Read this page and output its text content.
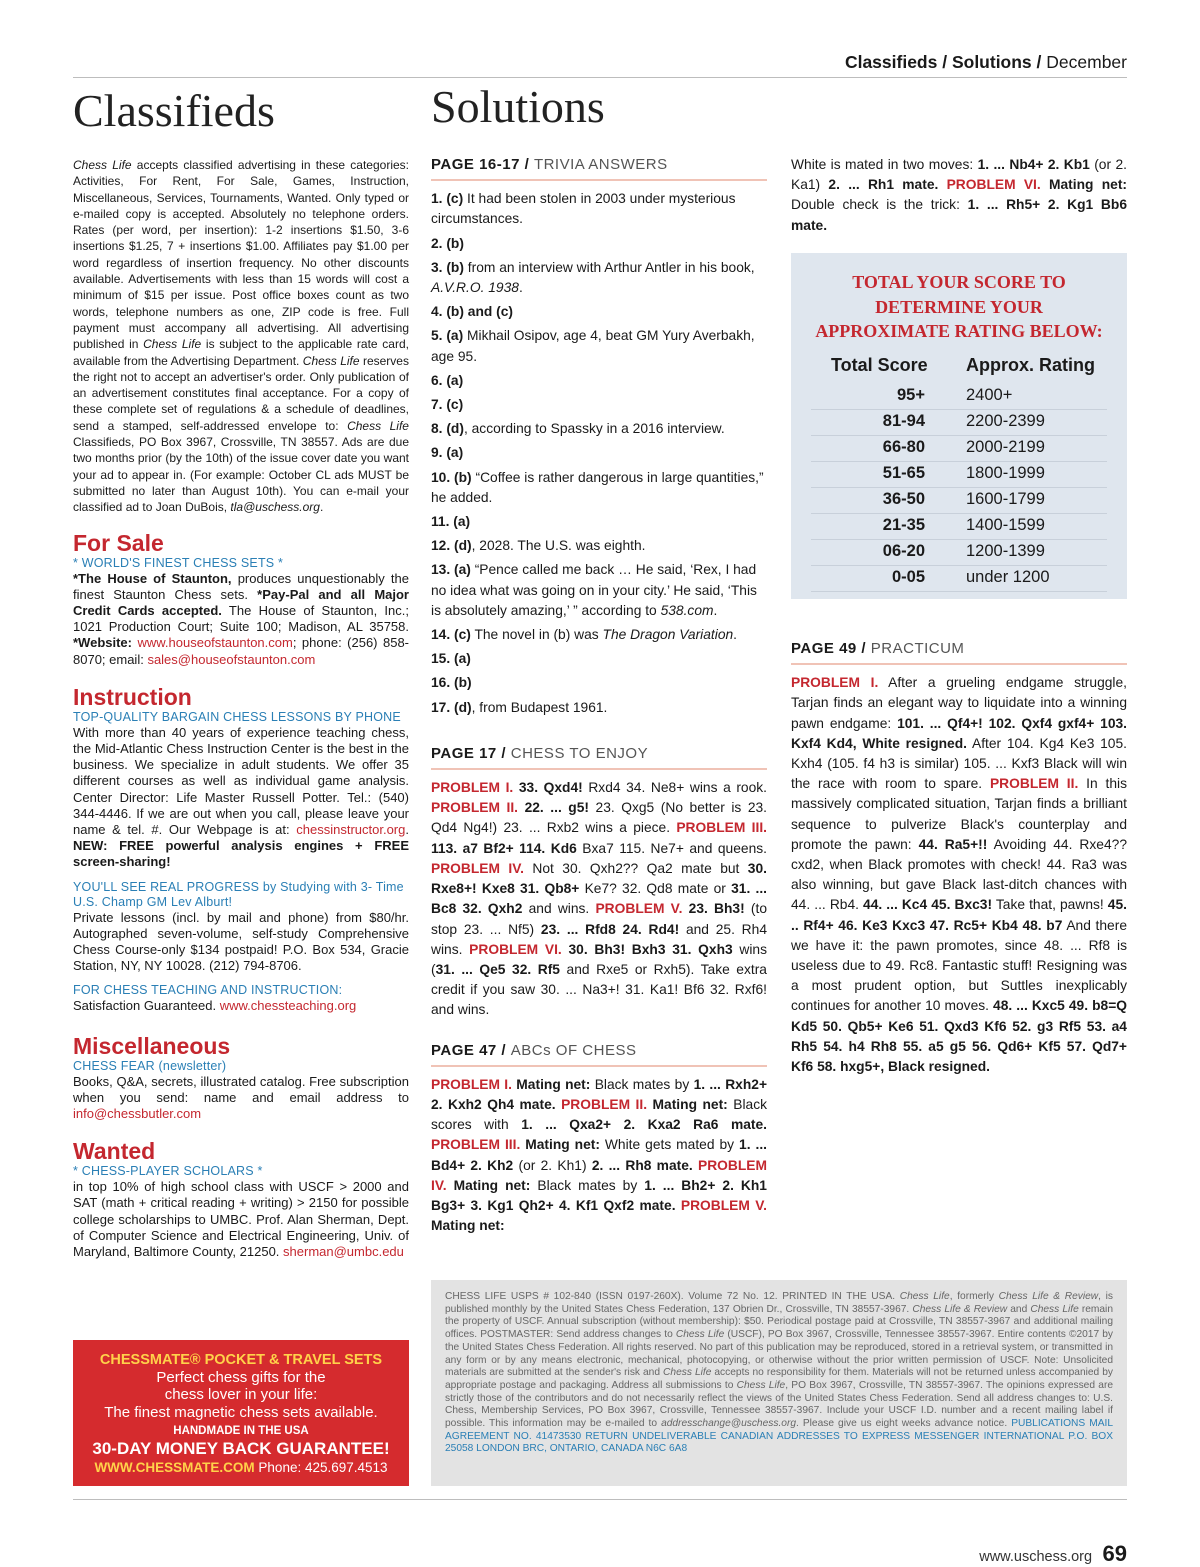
Classifieds / Solutions / December
Classifieds	Solutions
Chess Life accepts classified advertising in these categories: Activities, For Rent, For Sale, Games, Instruction, Miscellaneous, Services, Tournaments, Wanted. Only typed or e-mailed copy is accepted. Absolutely no telephone orders. Rates (per word, per insertion): 1-2 insertions $1.50, 3-6 insertions $1.25, 7 + insertions $1.00. Affiliates pay $1.00 per word regardless of insertion frequency. No other discounts available. Advertisements with less than 15 words will cost a minimum of $15 per issue. Post office boxes count as two words, telephone numbers as one, ZIP code is free. Full payment must accompany all advertising. All advertising published in Chess Life is subject to the applicable rate card, available from the Advertising Department. Chess Life reserves the right not to accept an advertiser's order. Only publication of an advertisement constitutes final acceptance. For a copy of these complete set of regulations & a schedule of deadlines, send a stamped, self-addressed envelope to: Chess Life Classifieds, PO Box 3967, Crossville, TN 38557. Ads are due two months prior (by the 10th) of the issue cover date you want your ad to appear in. (For example: October CL ads MUST be submitted no later than August 10th). You can e-mail your classified ad to Joan DuBois, tla@uschess.org.
For Sale
* WORLD'S FINEST CHESS SETS *
*The House of Staunton, produces unquestionably the finest Staunton Chess sets. *Pay-Pal and all Major Credit Cards accepted. The House of Staunton, Inc.; 1021 Production Court; Suite 100; Madison, AL 35758. *Website: www.houseofstaunton.com; phone: (256) 858-8070; email: sales@houseofstaunton.com
Instruction
TOP-QUALITY BARGAIN CHESS LESSONS BY PHONE
With more than 40 years of experience teaching chess, the Mid-Atlantic Chess Instruction Center is the best in the business. We specialize in adult students. We offer 35 different courses as well as individual game analysis. Center Director: Life Master Russell Potter. Tel.: (540) 344-4446. If we are out when you call, please leave your name & tel. #. Our Webpage is at: chessinstructor.org. NEW: FREE powerful analysis engines + FREE screen-sharing!
YOU'LL SEE REAL PROGRESS by Studying with 3- Time U.S. Champ GM Lev Alburt!
Private lessons (incl. by mail and phone) from $80/hr. Autographed seven-volume, self-study Comprehensive Chess Course-only $134 postpaid! P.O. Box 534, Gracie Station, NY, NY 10028. (212) 794-8706.
FOR CHESS TEACHING AND INSTRUCTION:
Satisfaction Guaranteed. www.chessteaching.org
Miscellaneous
CHESS FEAR (newsletter)
Books, Q&A, secrets, illustrated catalog. Free subscription when you send: name and email address to info@chessbutler.com
Wanted
* CHESS-PLAYER SCHOLARS *
in top 10% of high school class with USCF > 2000 and SAT (math + critical reading + writing) > 2150 for possible college scholarships to UMBC. Prof. Alan Sherman, Dept. of Computer Science and Electrical Engineering, Univ. of Maryland, Baltimore County, 21250. sherman@umbc.edu
CHESSMATE® POCKET & TRAVEL SETS
Perfect chess gifts for the
chess lover in your life:
The finest magnetic chess sets available.
HANDMADE IN THE USA
30-DAY MONEY BACK GUARANTEE!
WWW.CHESSMATE.COM Phone: 425.697.4513
PAGE 16-17 / TRIVIA ANSWERS

1. (c) It had been stolen in 2003 under mysterious circumstances.

2. (b)

3. (b) from an interview with Arthur Antler in his book, A.V.R.O. 1938.

4. (b) and (c)

5. (a) Mikhail Osipov, age 4, beat GM Yury Averbakh, age 95.

6. (a)

7. (c)

8. (d), according to Spassky in a 2016 interview.

9. (a)

10. (b) “Coffee is rather dangerous in large quantities,” he added.

11. (a)

12. (d), 2028. The U.S. was eighth.

13. (a) “Pence called me back … He said, ‘Rex, I had no idea what was going on in your city.’ He said, ‘This is absolutely amazing,’ ” according to 538.com.

14. (c) The novel in (b) was The Dragon Variation.

15. (a)

16. (b)

17. (d), from Budapest 1961.

PAGE 17 / CHESS TO ENJOY
PROBLEM I. 33. Qxd4! Rxd4 34. Ne8+ wins a rook. PROBLEM II. 22. ... g5! 23. Qxg5 (No better is 23. Qd4 Ng4!) 23. ... Rxb2 wins a piece. PROBLEM III. 113. a7 Bf2+ 114. Kd6 Bxa7 115. Ne7+ and queens. PROBLEM IV. Not 30. Qxh2?? Qa2 mate but 30. Rxe8+! Kxe8 31. Qb8+ Ke7? 32. Qd8 mate or 31. ... Bc8 32. Qxh2 and wins. PROBLEM V. 23. Bh3! (to stop 23. ... Nf5) 23. ... Rfd8 24. Rd4! and 25. Rh4 wins. PROBLEM VI. 30. Bh3! Bxh3 31. Qxh3 wins (31. ... Qe5 32. Rf5 and Rxe5 or Rxh5). Take extra credit if you saw 30. ... Na3+! 31. Ka1! Bf6 32. Rxf6! and wins.
PAGE 47 / ABCs OF CHESS
PROBLEM I. Mating net: Black mates by 1. ... Rxh2+ 2. Kxh2 Qh4 mate. PROBLEM II. Mating net: Black scores with 1. ... Qxa2+ 2. Kxa2 Ra6 mate. PROBLEM III. Mating net: White gets mated by 1. ... Bd4+ 2. Kh2 (or 2. Kh1) 2. ... Rh8 mate. PROBLEM IV. Mating net: Black mates by 1. ... Bh2+ 2. Kh1 Bg3+ 3. Kg1 Qh2+ 4. Kf1 Qxf2 mate. PROBLEM V. Mating net:
White is mated in two moves: 1. ... Nb4+ 2. Kb1 (or 2. Ka1) 2. ... Rh1 mate. PROBLEM VI. Mating net: Double check is the trick: 1. ... Rh5+ 2. Kg1 Bb6 mate.
TOTAL YOUR SCORE TO
DETERMINE YOUR
APPROXIMATE RATING BELOW:
Total Score Approx. Rating
95+ 2400+
81-94 2200-2399
66-80 2000-2199
51-65 1800-1999
36-50 1600-1799
21-35 1400-1599
06-20 1200-1399
0-05 under 1200
PAGE 49 / PRACTICUM
PROBLEM I. After a grueling endgame struggle, Tarjan finds an elegant way to liquidate into a winning pawn endgame: 101. ... Qf4+! 102. Qxf4 gxf4+ 103. Kxf4 Kd4, White resigned. After 104. Kg4 Ke3 105. Kxh4 (105. f4 h3 is similar) 105. ... Kxf3 Black will win the race with room to spare. PROBLEM II. In this massively complicated situation, Tarjan finds a brilliant sequence to pulverize Black's counterplay and promote the pawn: 44. Ra5+!! Avoiding 44. Rxe4?? cxd2, when Black promotes with check! 44. Ra3 was also winning, but gave Black last-ditch chances with 44. ... Rb4. 44. ... Kc4 45. Bxc3! Take that, pawns! 45. .. Rf4+ 46. Ke3 Kxc3 47. Rc5+ Kb4 48. b7 And there we have it: the pawn promotes, since 48. ... Rf8 is useless due to 49. Rc8. Fantastic stuff! Resigning was a most prudent option, but Suttles inexplicably continues for another 10 moves. 48. ... Kxc5 49. b8=Q Kd5 50. Qb5+ Ke6 51. Qxd3 Kf6 52. g3 Rf5 53. a4 Rh5 54. h4 Rh8 55. a5 g5 56. Qd6+ Kf5 57. Qd7+ Kf6 58. hxg5+, Black resigned.
CHESS LIFE USPS # 102-840 (ISSN 0197-260X). Volume 72 No. 12. PRINTED IN THE USA. Chess Life, formerly Chess Life & Review, is published monthly by the United States Chess Federation, 137 Obrien Dr., Crossville, TN 38557-3967. Chess Life & Review and Chess Life remain the property of USCF. Annual subscription (without membership): $50. Periodical postage paid at Crossville, TN 38557-3967 and additional mailing offices. POSTMASTER: Send address changes to Chess Life (USCF), PO Box 3967, Crossville, Tennessee 38557-3967. Entire contents ©2017 by the United States Chess Federation. All rights reserved. No part of this publication may be reproduced, stored in a retrieval system, or transmitted in any form or by any means electronic, mechanical, photocopying, or otherwise without the prior written permission of USCF. Note: Unsolicited materials are submitted at the sender's risk and Chess Life accepts no responsibility for them. Materials will not be returned unless accompanied by appropriate postage and packaging. Address all submissions to Chess Life, PO Box 3967, Crossville, TN 38557-3967. The opinions expressed are strictly those of the contributors and do not necessarily reflect the views of the United States Chess Federation. Send all address changes to: U.S. Chess, Membership Services, PO Box 3967, Crossville, Tennessee 38557-3967. Include your USCF I.D. number and a recent mailing label if possible. This information may be e-mailed to addresschange@uschess.org. Please give us eight weeks advance notice. PUBLICATIONS MAIL AGREEMENT NO. 41473530 RETURN UNDELIVERABLE CANADIAN ADDRESSES TO EXPRESS MESSENGER INTERNATIONAL P.O. BOX 25058 LONDON BRC, ONTARIO, CANADA N6C 6A8
www.uschess.org 69
